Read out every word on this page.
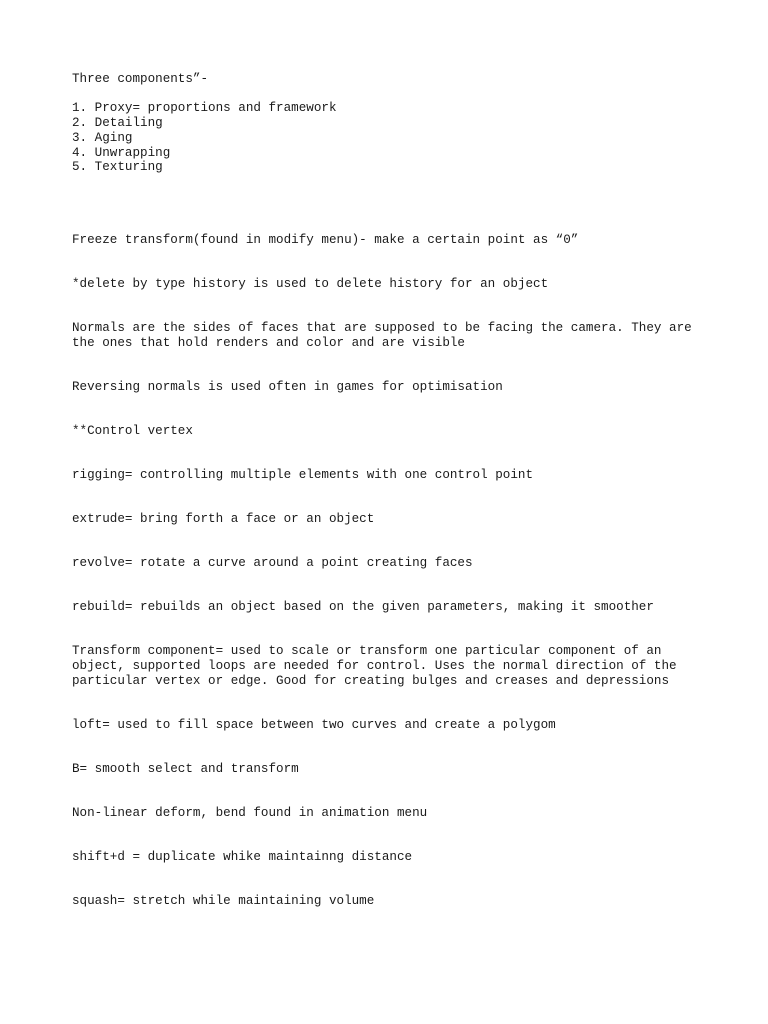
Three components”-

1. Proxy= proportions and framework

2. Detailing

3. Aging

4. Unwrapping

5. Texturing

Freeze transform(found in modify menu)- make a certain point as “0”

*delete by type history is used to delete history for an object

Normals are the sides of faces that are supposed to be facing the camera. They are

the ones that hold renders and color and are visible

Reversing normals is used often in games for optimisation

**Control vertex

rigging= controlling multiple elements with one control point

extrude= bring forth a face or an object

revolve= rotate a curve around a point creating faces

rebuild= rebuilds an object based on the given parameters, making it smoother

Transform component= used to scale or transform one particular component of an

object, supported loops are needed for control. Uses the normal direction of the

particular vertex or edge. Good for creating bulges and creases and depressions

loft= used to fill space between two curves and create a polygom

B= smooth select and transform

Non-linear deform, bend found in animation menu

shift+d = duplicate whike maintainng distance

squash= stretch while maintaining volume
